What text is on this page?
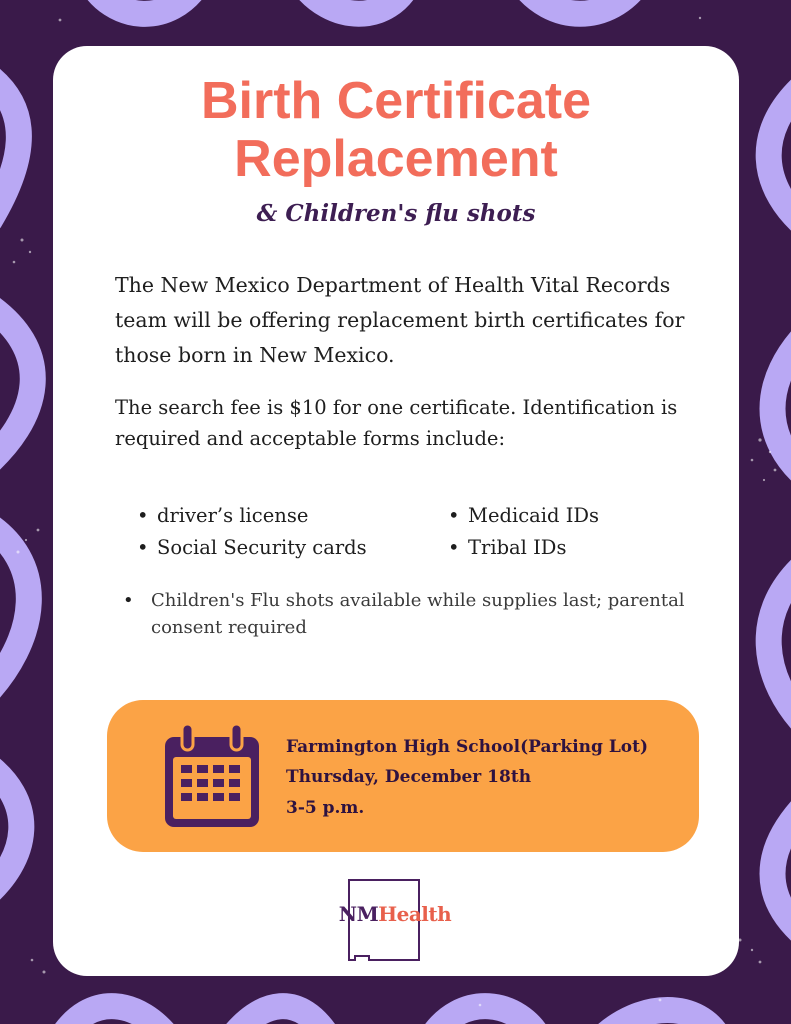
Birth Certificate
Replacement

& Children's flu shots

The New Mexico Department of Health Vital Records team will be offering replacement birth certificates for those born in New Mexico.

The search fee is $10 for one certificate. Identification is required and acceptable forms include:

• driver’s license
• Social Security cards
• Medicaid IDs
• Tribal IDs
• Children's Flu shots available while supplies last; parental consent required

Farmington High School(Parking Lot)

Thursday, December 18th

3-5 p.m.

NMHealth
